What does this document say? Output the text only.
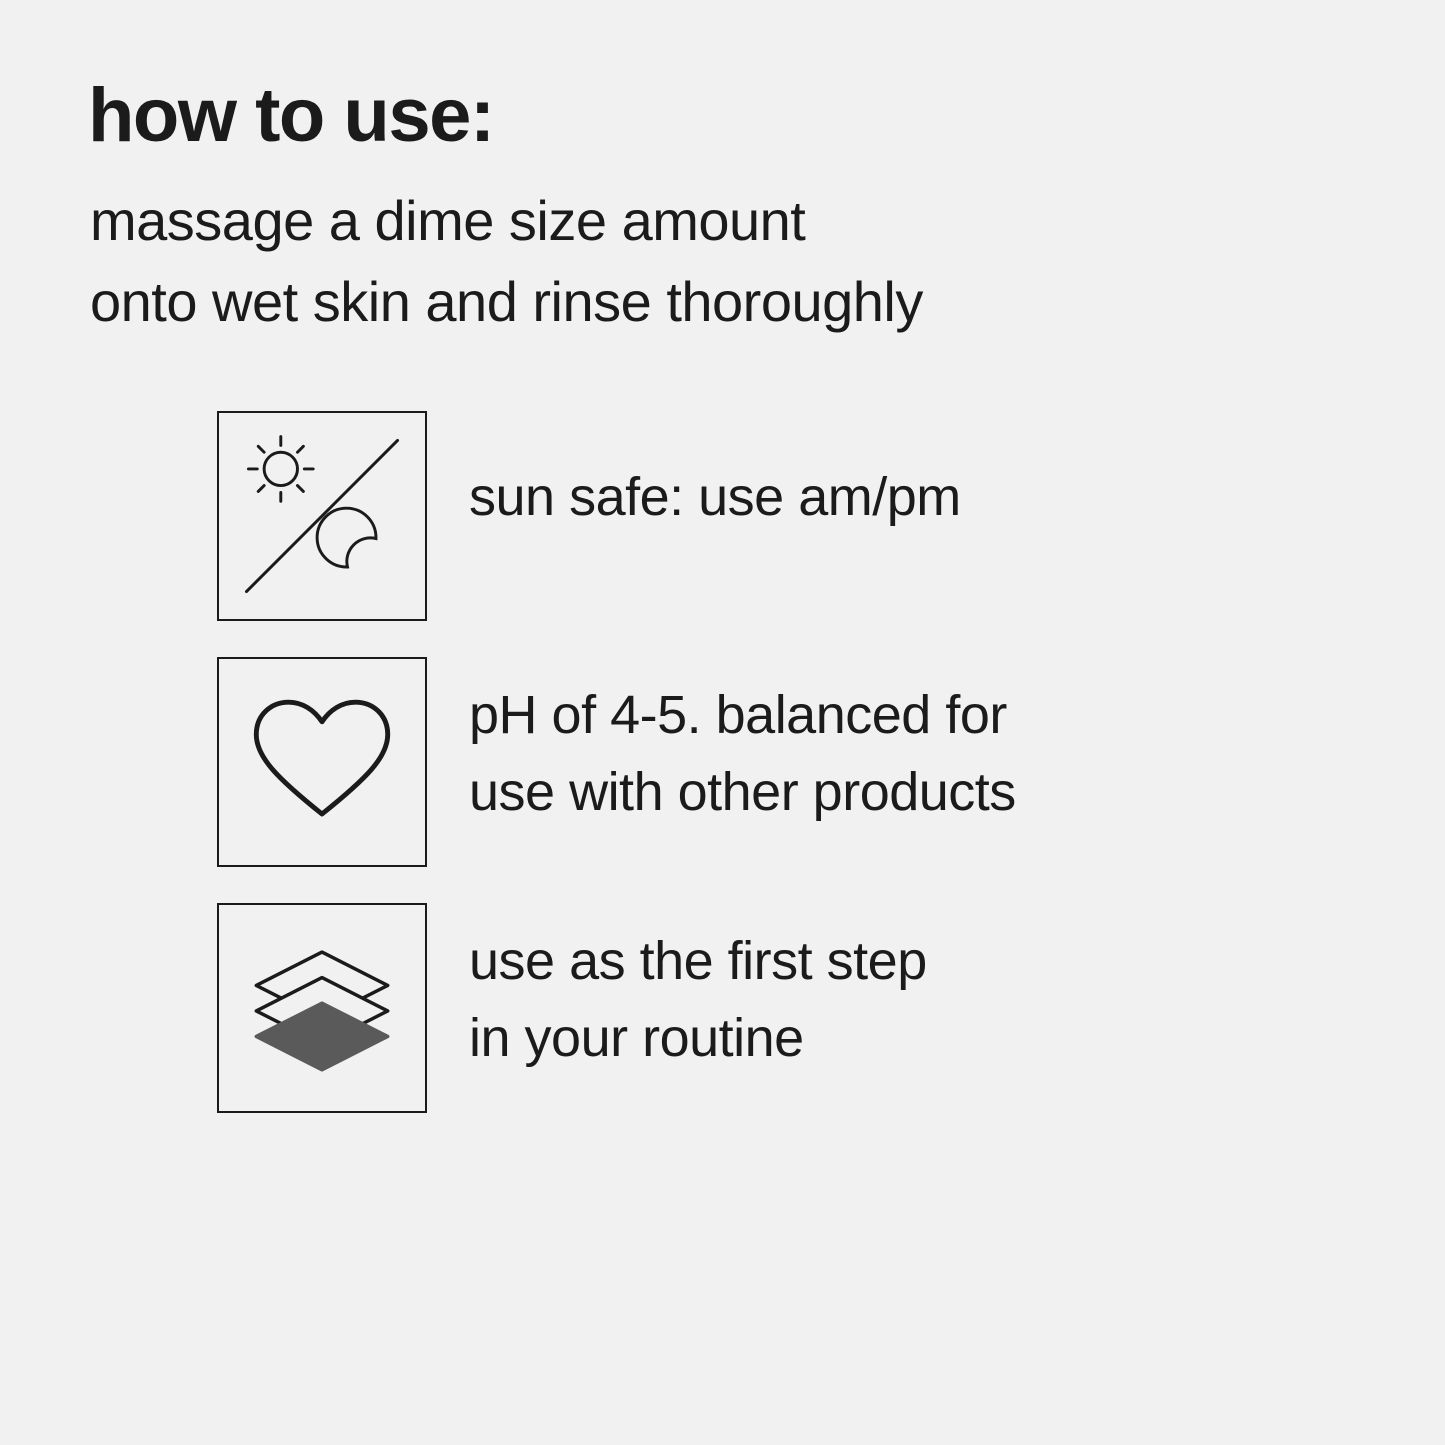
how to use:
massage a dime size amount
onto wet skin and rinse thoroughly
sun safe: use am/pm
pH of 4-5. balanced for
use with other products
use as the first step
in your routine
